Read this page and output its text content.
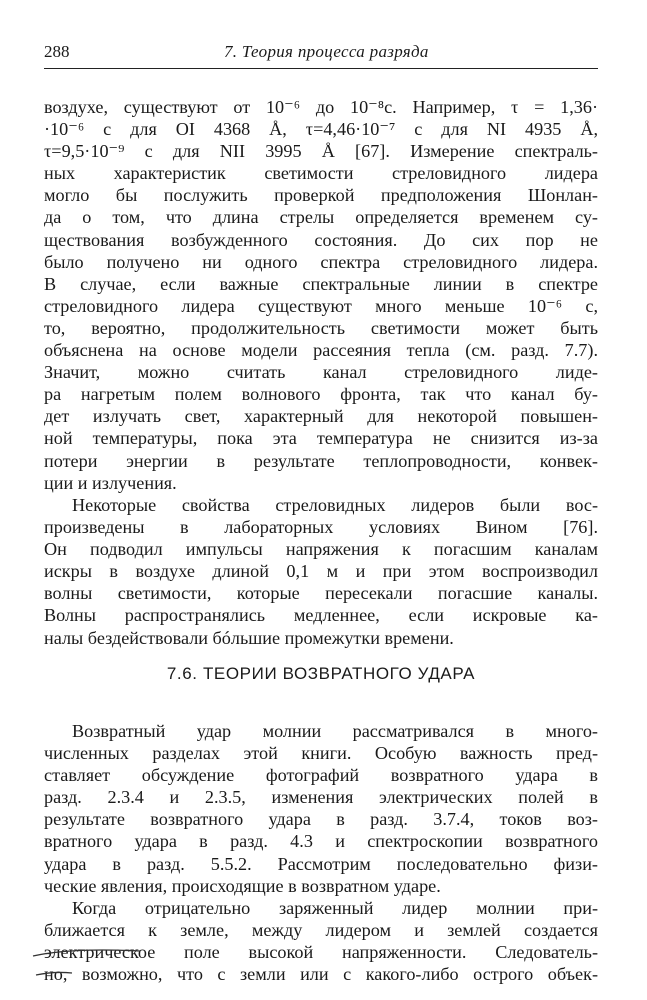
288	7. Теория процесса разряда
воздухе, существуют от 10⁻⁶ до 10⁻⁸с. Например, τ = 1,36·
·10⁻⁶ с для OI 4368 Å, τ=4,46·10⁻⁷ с для NI 4935 Å,
τ=9,5·10⁻⁹ с для NII 3995 Å [67]. Измерение спектраль-
ных характеристик светимости стреловидного лидера
могло бы послужить проверкой предположения Шонлан-
да о том, что длина стрелы определяется временем су-
ществования возбужденного состояния. До сих пор не
было получено ни одного спектра стреловидного лидера.
В случае, если важные спектральные линии в спектре
стреловидного лидера существуют много меньше 10⁻⁶ с,
то, вероятно, продолжительность светимости может быть
объяснена на основе модели рассеяния тепла (см. разд. 7.7).
Значит, можно считать канал стреловидного лиде-
ра нагретым полем волнового фронта, так что канал бу-
дет излучать свет, характерный для некоторой повышен-
ной температуры, пока эта температура не снизится из-за
потери энергии в результате теплопроводности, конвек-
ции и излучения.
Некоторые свойства стреловидных лидеров были вос-
произведены в лабораторных условиях Вином [76].
Он подводил импульсы напряжения к погасшим каналам
искры в воздухе длиной 0,1 м и при этом воспроизводил
волны светимости, которые пересекали погасшие каналы.
Волны распространялись медленнее, если искровые ка-
налы бездействовали бóльшие промежутки времени.
7.6. ТЕОРИИ ВОЗВРАТНОГО УДАРА
Возвратный удар молнии рассматривался в много-
численных разделах этой книги. Особую важность пред-
ставляет обсуждение фотографий возвратного удара в
разд. 2.3.4 и 2.3.5, изменения электрических полей в
результате возвратного удара в разд. 3.7.4, токов воз-
вратного удара в разд. 4.3 и спектроскопии возвратного
удара в разд. 5.5.2. Рассмотрим последовательно физи-
ческие явления, происходящие в возвратном ударе.
Когда отрицательно заряженный лидер молнии при-
ближается к земле, между лидером и землей создается
электрическое поле высокой напряженности. Следователь-
но, возможно, что с земли или с какого-либо острого объек-
